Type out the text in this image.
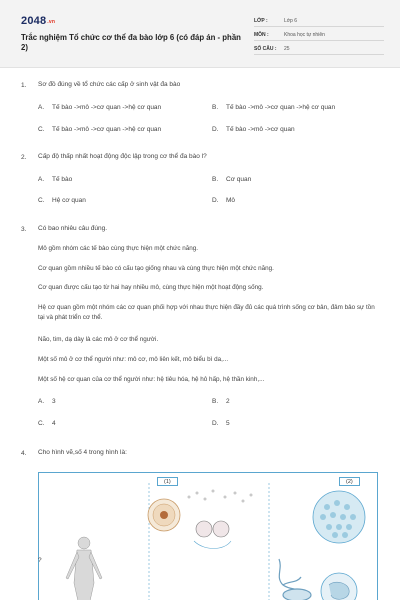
2048.vn
Trắc nghiệm Tổ chức cơ thể đa bào lớp 6 (có đáp án - phần 2)
LỚP :	Lớp 6
MÔN :	Khoa học tự nhiên
SỐ CÂU :	25
1. Sơ đồ đúng về tổ chức các cấp ở sinh vật đa bào
A. Tế bào ->mô ->cơ quan ->hệ cơ quan	B. Tế bào ->mô ->cơ quan ->hệ cơ quan
C. Tế bào ->mô ->cơ quan ->hệ cơ quan	D. Tế bào ->mô ->cơ quan
2. Cấp độ thấp nhất hoạt động độc lập trong cơ thể đa bào l?
A. Tế bào	B. Cơ quan
C. Hệ cơ quan	D. Mô
3. Có bao nhiêu câu đúng.
Mô gồm nhóm các tế bào cùng thực hiện một chức năng.
Cơ quan gồm nhiều tế bào có cấu tạo giống nhau và cùng thực hiện một chức năng.
Cơ quan được cấu tạo từ hai hay nhiều mô, cùng thực hiện một hoạt động sống.
Hệ cơ quan gồm một nhóm các cơ quan phối hợp với nhau thực hiện đầy đủ các quá trình sống cơ bản, đảm bảo sự tồn tại và phát triển cơ thể.
Não, tim, dạ dày là các mô ở cơ thể người.
Một số mô ở cơ thể người như: mô cơ, mô liên kết, mô biểu bì da,...
Một số hệ cơ quan của cơ thể người như: hệ tiêu hóa, hệ hô hấp, hệ thần kinh,...
A. 3	B. 2
C. 4	D. 5
4. Cho hình vẽ,số 4 trong hình là:
(1)	(2)
?
